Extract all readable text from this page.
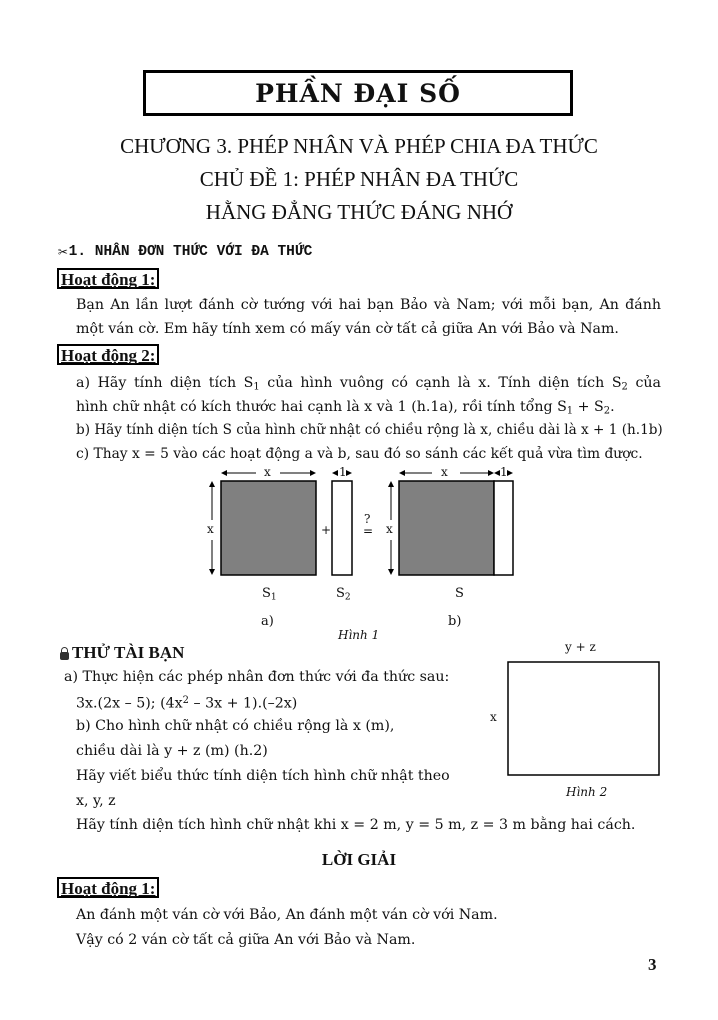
PHẦN ĐẠI SỐ
CHƯƠNG 3. PHÉP NHÂN VÀ PHÉP CHIA ĐA THỨC
CHỦ ĐỀ 1: PHÉP NHÂN ĐA THỨC
HẰNG ĐẲNG THỨC ĐÁNG NHỚ
✂ 1. NHÂN ĐƠN THỨC VỚI ĐA THỨC
Hoạt động 1:
Bạn An lần lượt đánh cờ tướng với hai bạn Bảo và Nam; với mỗi bạn, An đánh
một ván cờ. Em hãy tính xem có mấy ván cờ tất cả giữa An với Bảo và Nam.
Hoạt động 2:
a) Hãy tính diện tích $S_1$ của hình vuông có cạnh là x. Tính diện tích $S_2$ của
hình chữ nhật có kích thước hai cạnh là x và 1 (h.1a), rồi tính tổng $S_1 + S_2$.
b) Hãy tính diện tích S của hình chữ nhật có chiều rộng là x, chiều dài là x + 1 (h.1b)
c) Thay x = 5 vào các hoạt động a và b, sau đó so sánh các kết quả vừa tìm được.
x
x
1
+
?
=
x	1
x
$S_1$	$S_2$	S
a)	b)
Hình 1
THỬ TÀI BẠN
a) Thực hiện các phép nhân đơn thức với đa thức sau:
3x.(2x – 5); $(4x^2 - 3x + 1).(-2x)$
b) Cho hình chữ nhật có chiều rộng là x (m),
chiều dài là y + z (m) (h.2)
Hãy viết biểu thức tính diện tích hình chữ nhật theo
x, y, z
Hãy tính diện tích hình chữ nhật khi x = 2 m, y = 5 m, z = 3 m bằng hai cách.
y + z
x
Hình 2
LỜI GIẢI
Hoạt động 1:
An đánh một ván cờ với Bảo, An đánh một ván cờ với Nam.
Vậy có 2 ván cờ tất cả giữa An với Bảo và Nam.
3
